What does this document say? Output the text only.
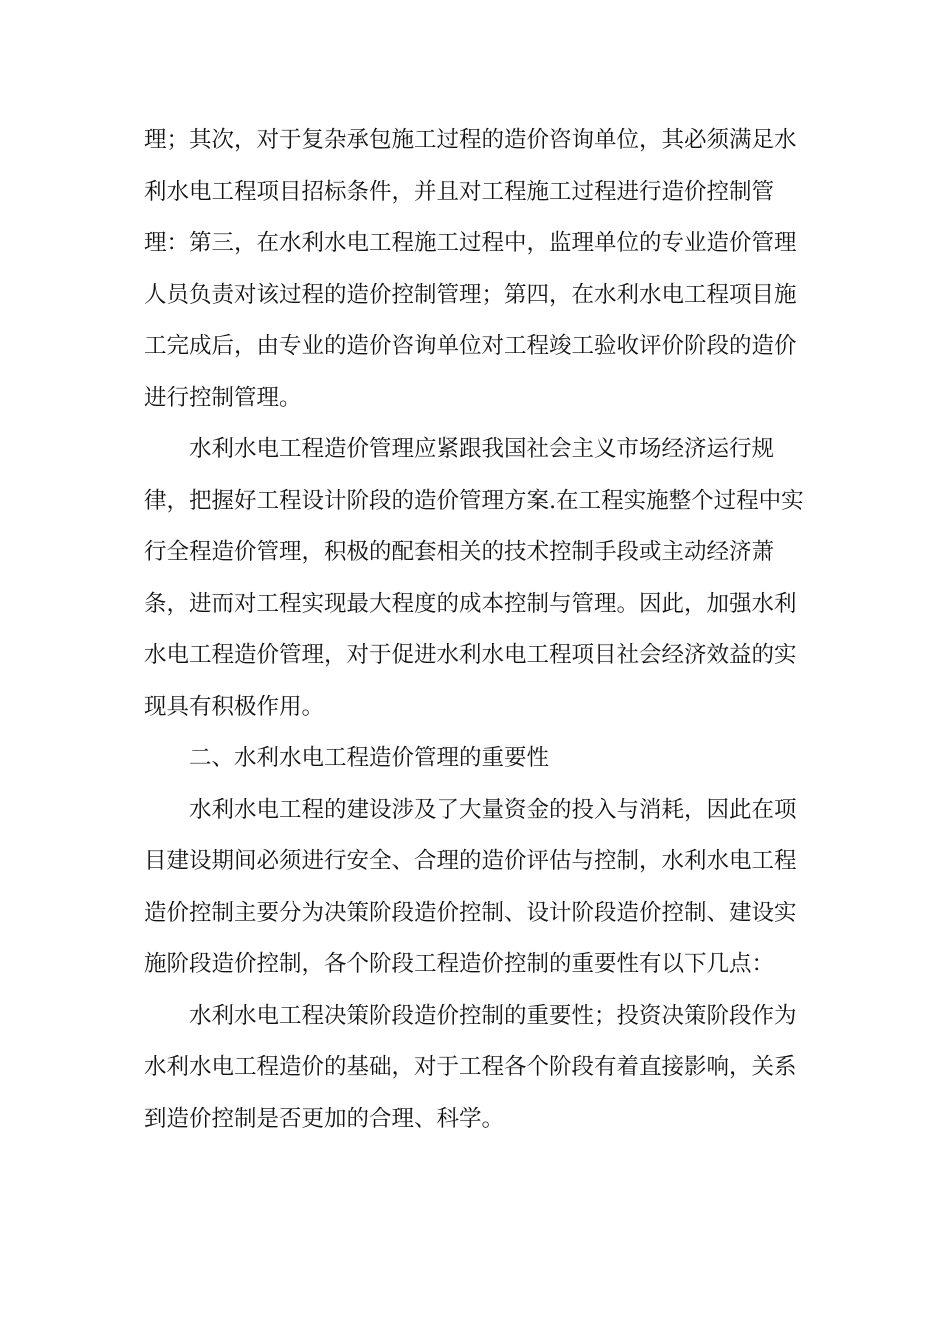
理；其次，对于复杂承包施工过程的造价咨询单位，其必须满足水
利水电工程项目招标条件，并且对工程施工过程进行造价控制管
理：第三，在水利水电工程施工过程中，监理单位的专业造价管理
人员负责对该过程的造价控制管理；第四，在水利水电工程项目施
工完成后，由专业的造价咨询单位对工程竣工验收评价阶段的造价
进行控制管理。
水利水电工程造价管理应紧跟我国社会主义市场经济运行规
律，把握好工程设计阶段的造价管理方案.在工程实施整个过程中实
行全程造价管理，积极的配套相关的技术控制手段或主动经济萧
条，进而对工程实现最大程度的成本控制与管理。因此，加强水利
水电工程造价管理，对于促进水利水电工程项目社会经济效益的实
现具有积极作用。
二、水利水电工程造价管理的重要性
水利水电工程的建设涉及了大量资金的投入与消耗，因此在项
目建设期间必须进行安全、合理的造价评估与控制，水利水电工程
造价控制主要分为决策阶段造价控制、设计阶段造价控制、建设实
施阶段造价控制，各个阶段工程造价控制的重要性有以下几点：
水利水电工程决策阶段造价控制的重要性；投资决策阶段作为
水利水电工程造价的基础，对于工程各个阶段有着直接影响，关系
到造价控制是否更加的合理、科学。
